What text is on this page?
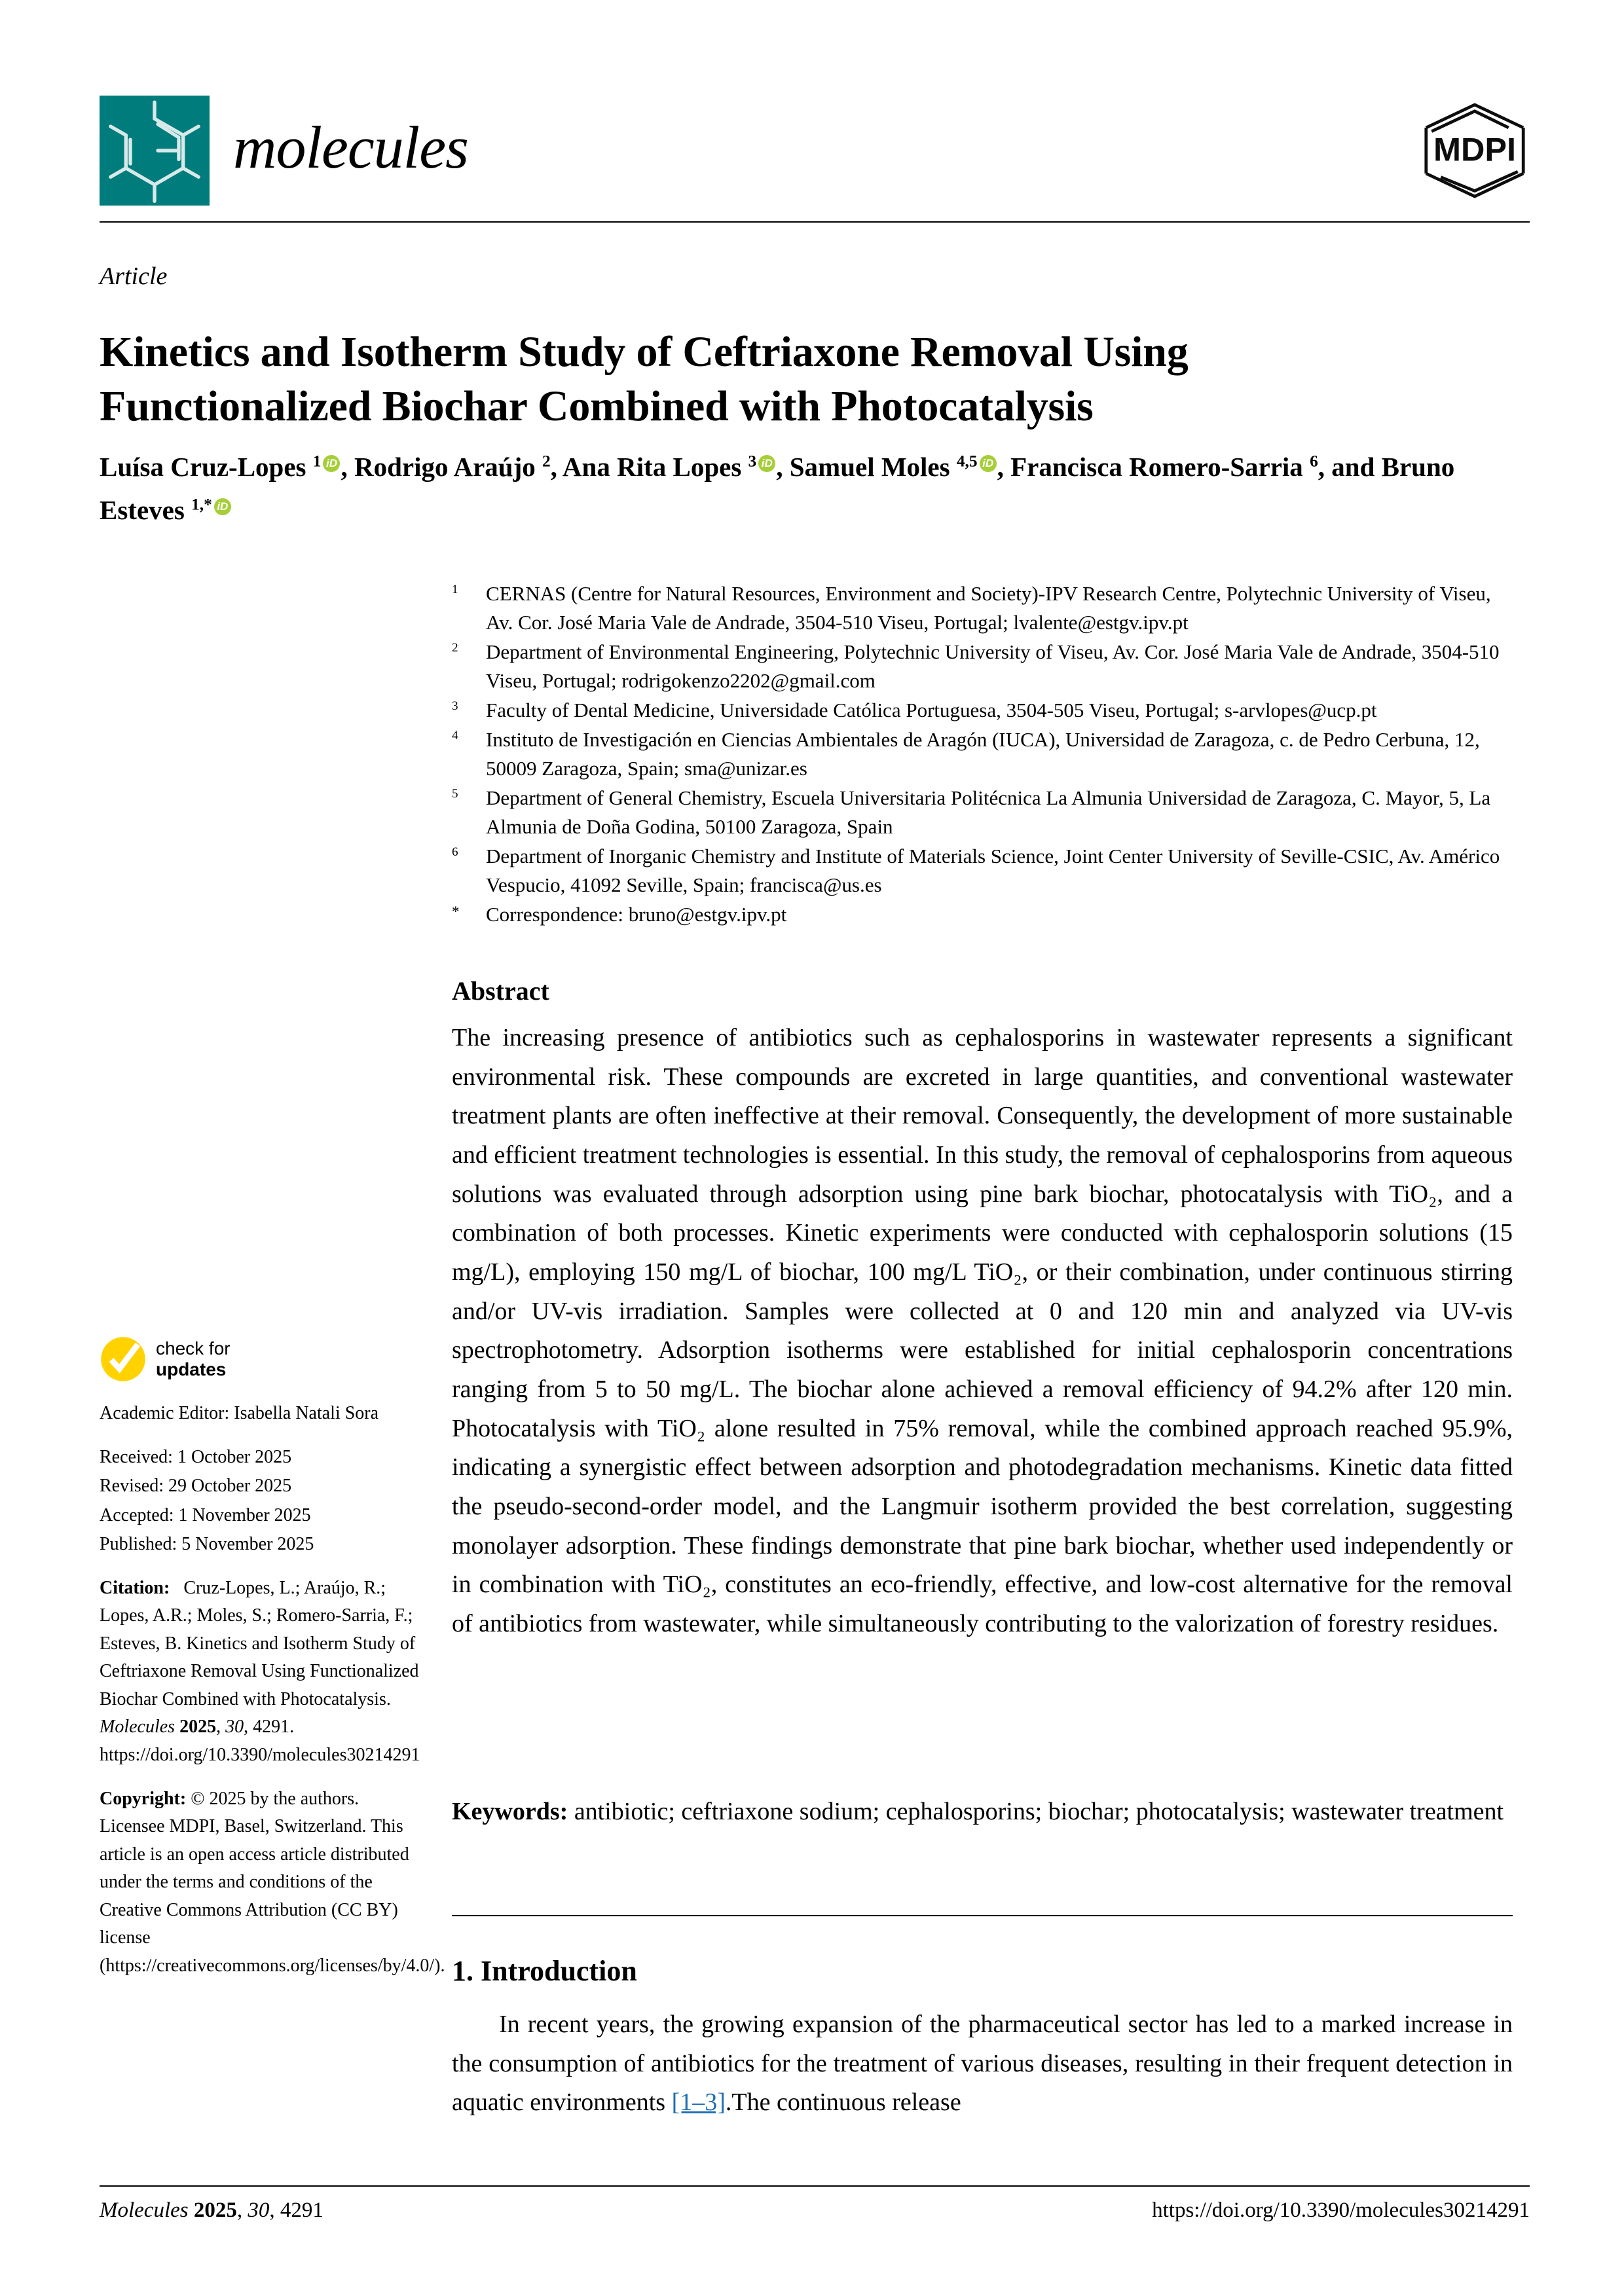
molecules	MDPI
Article
Kinetics and Isotherm Study of Ceftriaxone Removal Using Functionalized Biochar Combined with Photocatalysis
Luísa Cruz-Lopes $^1$ iD , Rodrigo Araújo $^2$, Ana Rita Lopes $^3$ iD , Samuel Moles $^{4,5}$ iD , Francisca Romero-Sarria $^6$, and Bruno Esteves $^{1,*}$ iD
$^1$	CERNAS (Centre for Natural Resources, Environment and Society)-IPV Research Centre, Polytechnic University of Viseu, Av. Cor. José Maria Vale de Andrade, 3504-510 Viseu, Portugal; lvalente@estgv.ipv.pt
$^2$	Department of Environmental Engineering, Polytechnic University of Viseu, Av. Cor. José Maria Vale de Andrade, 3504-510 Viseu, Portugal; rodrigokenzo2202@gmail.com
$^3$	Faculty of Dental Medicine, Universidade Católica Portuguesa, 3504-505 Viseu, Portugal; s-arvlopes@ucp.pt
$^4$	Instituto de Investigación en Ciencias Ambientales de Aragón (IUCA), Universidad de Zaragoza, c. de Pedro Cerbuna, 12, 50009 Zaragoza, Spain; sma@unizar.es
$^5$	Department of General Chemistry, Escuela Universitaria Politécnica La Almunia Universidad de Zaragoza, C. Mayor, 5, La Almunia de Doña Godina, 50100 Zaragoza, Spain
$^6$	Department of Inorganic Chemistry and Institute of Materials Science, Joint Center University of Seville-CSIC, Av. Américo Vespucio, 41092 Seville, Spain; francisca@us.es
*	Correspondence: bruno@estgv.ipv.pt
Abstract
The increasing presence of antibiotics such as cephalosporins in wastewater represents a significant environmental risk. These compounds are excreted in large quantities, and conventional wastewater treatment plants are often ineffective at their removal. Consequently, the development of more sustainable and efficient treatment technologies is essential. In this study, the removal of cephalosporins from aqueous solutions was evaluated through adsorption using pine bark biochar, photocatalysis with TiO₂, and a combination of both processes. Kinetic experiments were conducted with cephalosporin solutions (15 mg/L), employing 150 mg/L of biochar, 100 mg/L TiO₂, or their combination, under continuous stirring and/or UV-vis irradiation. Samples were collected at 0 and 120 min and analyzed via UV-vis spectrophotometry. Adsorption isotherms were established for initial cephalosporin concentrations ranging from 5 to 50 mg/L. The biochar alone achieved a removal efficiency of 94.2% after 120 min. Photocatalysis with TiO₂ alone resulted in 75% removal, while the combined approach reached 95.9%, indicating a synergistic effect between adsorption and photodegradation mechanisms. Kinetic data fitted the pseudo-second-order model, and the Langmuir isotherm provided the best correlation, suggesting monolayer adsorption. These findings demonstrate that pine bark biochar, whether used independently or in combination with TiO₂, constitutes an eco-friendly, effective, and low-cost alternative for the removal of antibiotics from wastewater, while simultaneously contributing to the valorization of forestry residues.
Keywords: antibiotic; ceftriaxone sodium; cephalosporins; biochar; photocatalysis; wastewater treatment
1. Introduction
In recent years, the growing expansion of the pharmaceutical sector has led to a marked increase in the consumption of antibiotics for the treatment of various diseases, resulting in their frequent detection in aquatic environments [1–3].The continuous release
check for
updates
Academic Editor: Isabella Natali Sora
Received: 1 October 2025
Revised: 29 October 2025
Accepted: 1 November 2025
Published: 5 November 2025
Citation: Cruz-Lopes, L.; Araújo, R.; Lopes, A.R.; Moles, S.; Romero-Sarria, F.; Esteves, B. Kinetics and Isotherm Study of Ceftriaxone Removal Using Functionalized Biochar Combined with Photocatalysis. Molecules 2025, 30, 4291. https://doi.org/10.3390/molecules30214291
Copyright: © 2025 by the authors. Licensee MDPI, Basel, Switzerland. This article is an open access article distributed under the terms and conditions of the Creative Commons Attribution (CC BY) license (https://creativecommons.org/licenses/by/4.0/).
Molecules 2025, 30, 4291	https://doi.org/10.3390/molecules30214291
